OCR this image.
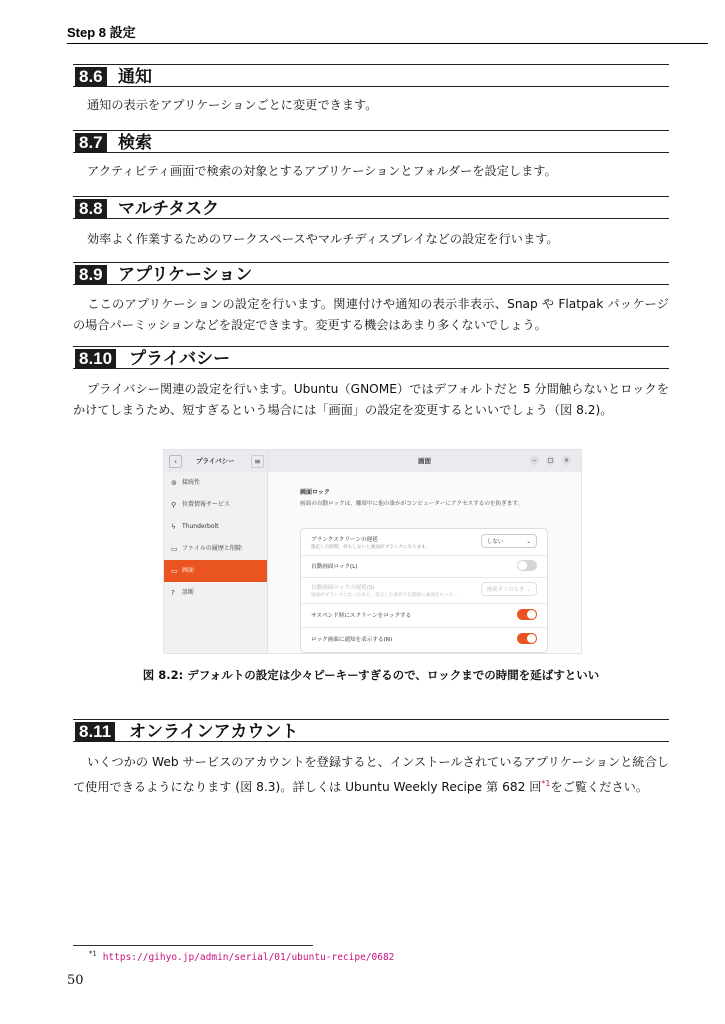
Step 8 設定
8.6 通知
通知の表示をアプリケーションごとに変更できます。
8.7 検索
アクティビティ画面で検索の対象とするアプリケーションとフォルダーを設定します。
8.8 マルチタスク
効率よく作業するためのワークスペースやマルチディスプレイなどの設定を行います。
8.9 アプリケーション
ここのアプリケーションの設定を行います。関連付けや通知の表示非表示、Snap や Flatpak パッケージの場合パーミッションなどを設定できます。変更する機会はあまり多くないでしょう。
8.10 プライバシー
プライバシー関連の設定を行います。Ubuntu（GNOME）ではデフォルトだと 5 分間触らないとロックをかけてしまうため、短すぎるという場合には「画面」の設定を変更するといいでしょう（図 8.2)。
‹	プライバシー	≡
⊚ 接続性
⚲ 位置情報サービス
ϟ Thunderbolt
▭ ファイルの履歴と削除
▭ 画面
? 診断
画面	–	□	×
画面ロック
画面の自動ロックは、離席中に他の誰かがコンピューターにアクセスするのを防ぎます。
ブランクスクリーンの遅延
指定した時間、何もしないと画面がブランクになります。
しない	⌄
自動画面ロック(L)
自動画面ロックの遅延(S)
画面がブランクになったあと、設定した条件で自動的に画面をロック...
画面オフのとき ⌄
サスペンド時にスクリーンをロックする
ロック画面に通知を表示する(N)
図 8.2: デフォルトの設定は少々ピーキーすぎるので、ロックまでの時間を延ばすといい
8.11 オンラインアカウント
いくつかの Web サービスのアカウントを登録すると、インストールされているアプリケーションと統合して使用できるようになります (図 8.3)。詳しくは Ubuntu Weekly Recipe 第 682 回$^{*1}$をご覧ください。
$^{*1}$ https://gihyo.jp/admin/serial/01/ubuntu-recipe/0682
50
